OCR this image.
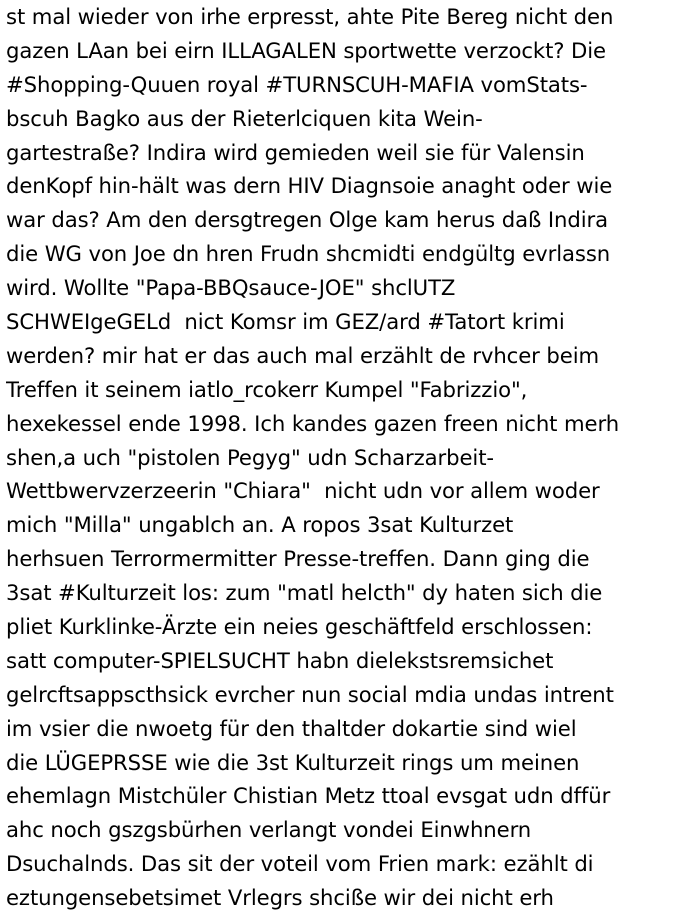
st mal wieder von irhe erpresst, ahte Pite Bereg nicht den
gazen LAan bei eirn ILLAGALEN sportwette verzockt? Die
#Shopping-Quuen royal #TURNSCUH-MAFIA vomStats-
bscuh Bagko aus der Rieterlciquen kita Wein-
gartestraße? Indira wird gemieden weil sie für Valensin
denKopf hin-hält was dern HIV Diagnsoie anaght oder wie
war das? Am den dersgtregen Olge kam herus daß Indira
die WG von Joe dn hren Frudn shcmidti endgültg evrlassn
wird. Wollte "Papa-BBQsauce-JOE" shclUTZ
SCHWEIgeGELd  nict Komsr im GEZ/ard #Tatort krimi
werden? mir hat er das auch mal erzählt de rvhcer beim
Treffen it seinem iatlo_rcokerr Kumpel "Fabrizzio",
hexekessel ende 1998. Ich kandes gazen freen nicht merh
shen,a uch "pistolen Pegyg" udn Scharzarbeit-
Wettbwervzerzeerin "Chiara"  nicht udn vor allem woder
mich "Milla" ungablch an. A ropos 3sat Kulturzet
herhsuen Terrormermitter Presse-treffen. Dann ging die
3sat #Kulturzeit los: zum "matl helcth" dy haten sich die
pliet Kurklinke-Ärzte ein neies geschäftfeld erschlossen:
satt computer-SPIELSUCHT habn dielekstsremsichet
gelrcftsappscthsick evrcher nun social mdia undas intrent
im vsier die nwoetg für den thaltder dokartie sind wiel
die LÜGEPRSSE wie die 3st Kulturzeit rings um meinen
ehemlagn Mistchüler Chistian Metz ttoal evsgat udn dffür
ahc noch gszgsbürhen verlangt vondei Einwhnern
Dsuchalnds. Das sit der voteil vom Frien mark: ezählt di
eztungensebetsimet Vrlegrs shciße wir dei nicht erh
